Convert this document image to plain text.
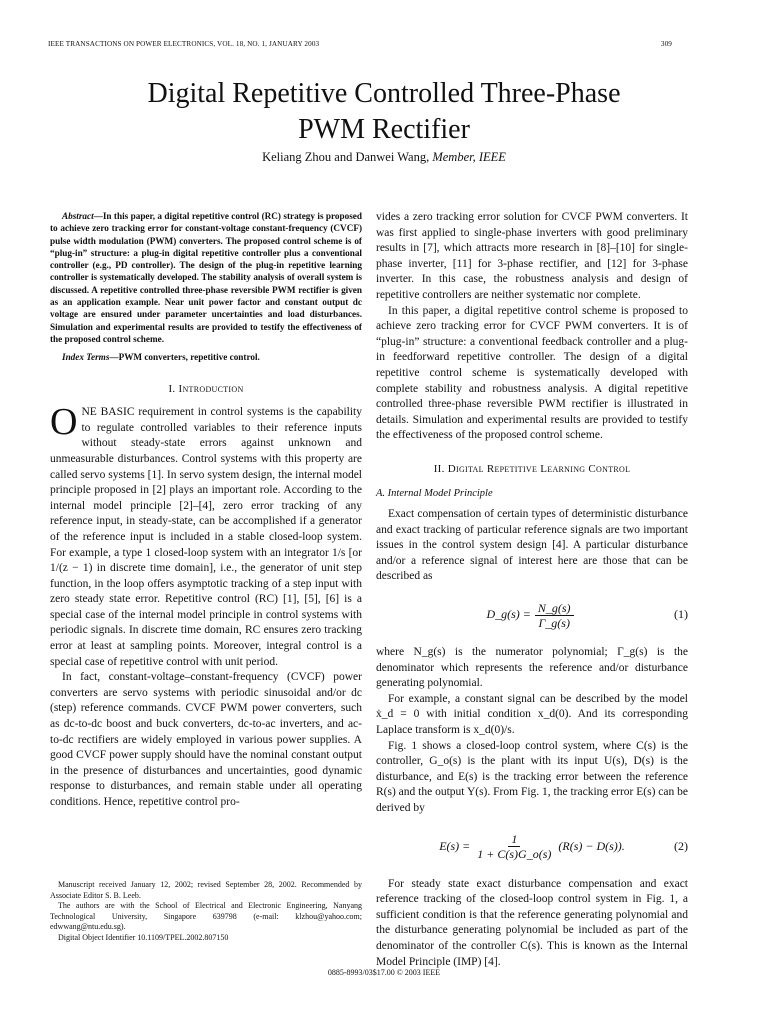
IEEE TRANSACTIONS ON POWER ELECTRONICS, VOL. 18, NO. 1, JANUARY 2003	309
Digital Repetitive Controlled Three-Phase
PWM Rectifier
Keliang Zhou and Danwei Wang, Member, IEEE

Abstract—In this paper, a digital repetitive control (RC) strategy is proposed to achieve zero tracking error for constant-voltage constant-frequency (CVCF) pulse width modulation (PWM) converters. The proposed control scheme is of “plug-in” structure: a plug-in digital repetitive controller plus a conventional controller (e.g., PD controller). The design of the plug-in repetitive learning controller is systematically developed. The stability analysis of overall system is discussed. A repetitive controlled three-phase reversible PWM rectifier is given as an application example. Near unit power factor and constant output dc voltage are ensured under parameter uncertainties and load disturbances. Simulation and experimental results are provided to testify the effectiveness of the proposed control scheme.

Index Terms—PWM converters, repetitive control.

I. Introduction

ONE BASIC requirement in control systems is the capability to regulate controlled variables to their reference inputs without steady-state errors against unknown and unmeasurable disturbances. Control systems with this property are called servo systems [1]. In servo system design, the internal model principle proposed in [2] plays an important role. According to the internal model principle [2]–[4], zero error tracking of any reference input, in steady-state, can be accomplished if a generator of the reference input is included in a stable closed-loop system. For example, a type 1 closed-loop system with an integrator 1/s [or 1/(z − 1) in discrete time domain], i.e., the generator of unit step function, in the loop offers asymptotic tracking of a step input with zero steady state error. Repetitive control (RC) [1], [5], [6] is a special case of the internal model principle in control systems with periodic signals. In discrete time domain, RC ensures zero tracking error at least at sampling points. Moreover, integral control is a special case of repetitive control with unit period.

In fact, constant-voltage–constant-frequency (CVCF) power converters are servo systems with periodic sinusoidal and/or dc (step) reference commands. CVCF PWM power converters, such as dc-to-dc boost and buck converters, dc-to-ac inverters, and ac-to-dc rectifiers are widely employed in various power supplies. A good CVCF power supply should have the nominal constant output in the presence of disturbances and uncertainties, good dynamic response to disturbances, and remain stable under all operating conditions. Hence, repetitive control pro-

Manuscript received January 12, 2002; revised September 28, 2002. Recommended by Associate Editor S. B. Leeb.

The authors are with the School of Electrical and Electronic Engineering, Nanyang Technological University, Singapore 639798 (e-mail: klzhou@yahoo.com; edwwang@ntu.edu.sg).

Digital Object Identifier 10.1109/TPEL.2002.807150

vides a zero tracking error solution for CVCF PWM converters. It was first applied to single-phase inverters with good preliminary results in [7], which attracts more research in [8]–[10] for single-phase inverter, [11] for 3-phase rectifier, and [12] for 3-phase inverter. In this case, the robustness analysis and design of repetitive controllers are neither systematic nor complete.

In this paper, a digital repetitive control scheme is proposed to achieve zero tracking error for CVCF PWM converters. It is of “plug-in” structure: a conventional feedback controller and a plug-in feedforward repetitive controller. The design of a digital repetitive control scheme is systematically developed with complete stability and robustness analysis. A digital repetitive controlled three-phase reversible PWM rectifier is illustrated in details. Simulation and experimental results are provided to testify the effectiveness of the proposed control scheme.

II. Digital Repetitive Learning Control
A. Internal Model Principle

Exact compensation of certain types of deterministic disturbance and exact tracking of particular reference signals are two important issues in the control system design [4]. A particular disturbance and/or a reference signal of interest here are those that can be described as

D_g(s) = $\frac{N\_g(s)}{\Gamma\_g(s)}$	(1)

where N_g(s) is the numerator polynomial; Γ_g(s) is the denominator which represents the reference and/or disturbance generating polynomial.

For example, a constant signal can be described by the model ẋ_d = 0 with initial condition x_d(0). And its corresponding Laplace transform is x_d(0)/s.

Fig. 1 shows a closed-loop control system, where C(s) is the controller, G_o(s) is the plant with its input U(s), D(s) is the disturbance, and E(s) is the tracking error between the reference R(s) and the output Y(s). From Fig. 1, the tracking error E(s) can be derived by

$E(s) = \frac{1}{1 + C(s)G\_o(s)} (R(s) - D(s))$.	(2)

For steady state exact disturbance compensation and exact reference tracking of the closed-loop control system in Fig. 1, a sufficient condition is that the reference generating polynomial and the disturbance generating polynomial be included as part of the denominator of the controller C(s). This is known as the Internal Model Principle (IMP) [4].

0885-8993/03$17.00 © 2003 IEEE
